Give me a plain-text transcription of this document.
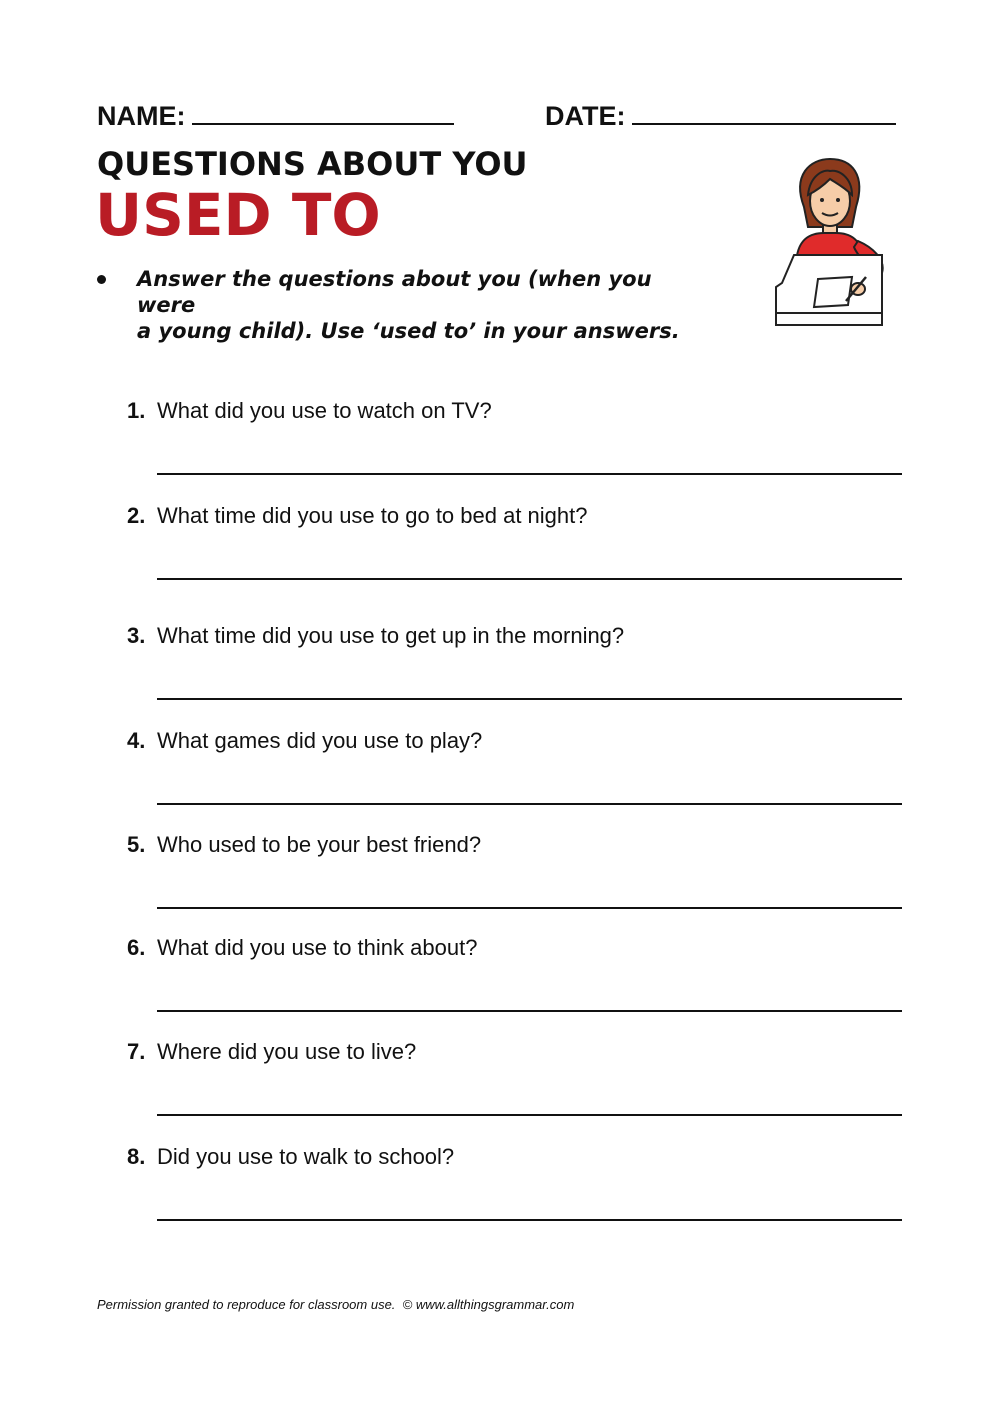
NAME:	DATE:
QUESTIONS ABOUT YOU
USED TO
Answer the questions about you (when you were
a young child). Use ‘used to’ in your answers.
1. What did you use to watch on TV?
2. What time did you use to go to bed at night?
3. What time did you use to get up in the morning?
4. What games did you use to play?
5. Who used to be your best friend?
6. What did you use to think about?
7. Where did you use to live?
8. Did you use to walk to school?

Permission granted to reproduce for classroom use.  © www.allthingsgrammar.com
